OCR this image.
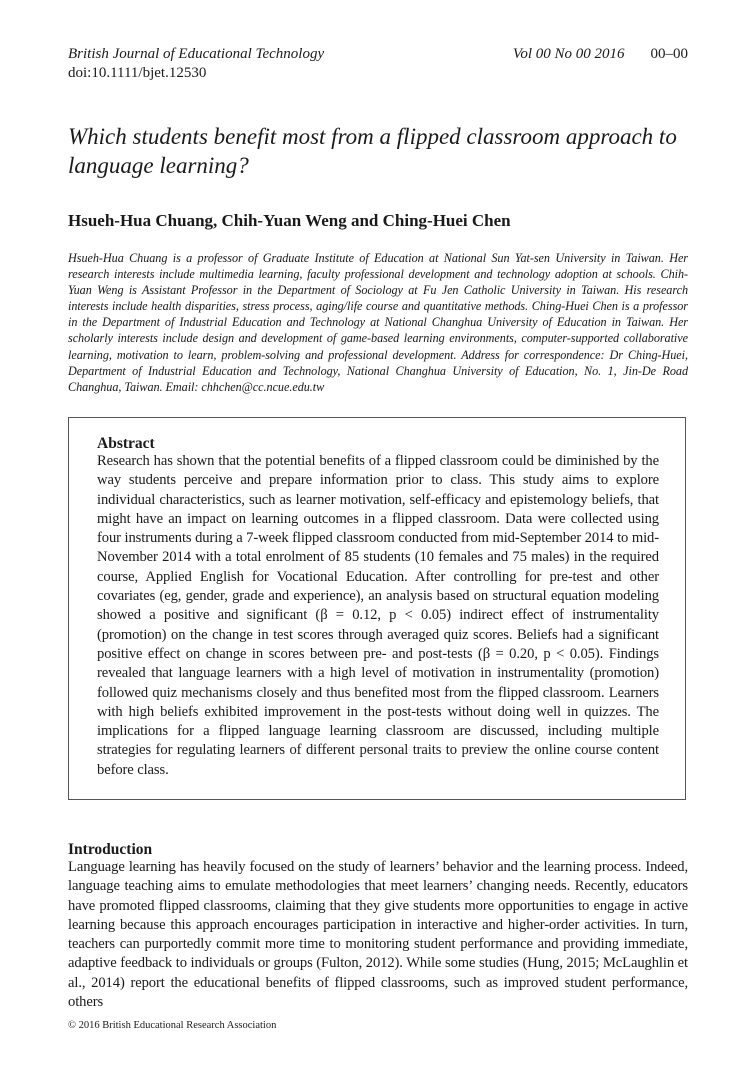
British Journal of Educational Technology	Vol 00 No 00 2016 00–00
doi:10.1111/bjet.12530
Which students benefit most from a flipped classroom approach to language learning?
Hsueh-Hua Chuang, Chih-Yuan Weng and Ching-Huei Chen

Hsueh-Hua Chuang is a professor of Graduate Institute of Education at National Sun Yat-sen University in Taiwan. Her research interests include multimedia learning, faculty professional development and technology adoption at schools. Chih-Yuan Weng is Assistant Professor in the Department of Sociology at Fu Jen Catholic University in Taiwan. His research interests include health disparities, stress process, aging/life course and quantitative methods. Ching-Huei Chen is a professor in the Department of Industrial Education and Technology at National Changhua University of Education in Taiwan. Her scholarly interests include design and development of game-based learning environments, computer-supported collaborative learning, motivation to learn, problem-solving and professional development. Address for correspondence: Dr Ching-Huei, Department of Industrial Education and Technology, National Changhua University of Education, No. 1, Jin-De Road Changhua, Taiwan. Email: chhchen@cc.ncue.edu.tw

Abstract

Research has shown that the potential benefits of a flipped classroom could be diminished by the way students perceive and prepare information prior to class. This study aims to explore individual characteristics, such as learner motivation, self-efficacy and epistemology beliefs, that might have an impact on learning outcomes in a flipped classroom. Data were collected using four instruments during a 7-week flipped classroom conducted from mid-September 2014 to mid-November 2014 with a total enrolment of 85 students (10 females and 75 males) in the required course, Applied English for Vocational Education. After controlling for pre-test and other covariates (eg, gender, grade and experience), an analysis based on structural equation modeling showed a positive and significant (β = 0.12, p < 0.05) indirect effect of instrumentality (promotion) on the change in test scores through averaged quiz scores. Beliefs had a significant positive effect on change in scores between pre- and post-tests (β = 0.20, p < 0.05). Findings revealed that language learners with a high level of motivation in instrumentality (promotion) followed quiz mechanisms closely and thus benefited most from the flipped classroom. Learners with high beliefs exhibited improvement in the post-tests without doing well in quizzes. The implications for a flipped language learning classroom are discussed, including multiple strategies for regulating learners of different personal traits to preview the online course content before class.

Introduction

Language learning has heavily focused on the study of learners’ behavior and the learning process. Indeed, language teaching aims to emulate methodologies that meet learners’ changing needs. Recently, educators have promoted flipped classrooms, claiming that they give students more opportunities to engage in active learning because this approach encourages participation in interactive and higher-order activities. In turn, teachers can purportedly commit more time to monitoring student performance and providing immediate, adaptive feedback to individuals or groups (Fulton, 2012). While some studies (Hung, 2015; McLaughlin et al., 2014) report the educational benefits of flipped classrooms, such as improved student performance, others

© 2016 British Educational Research Association
